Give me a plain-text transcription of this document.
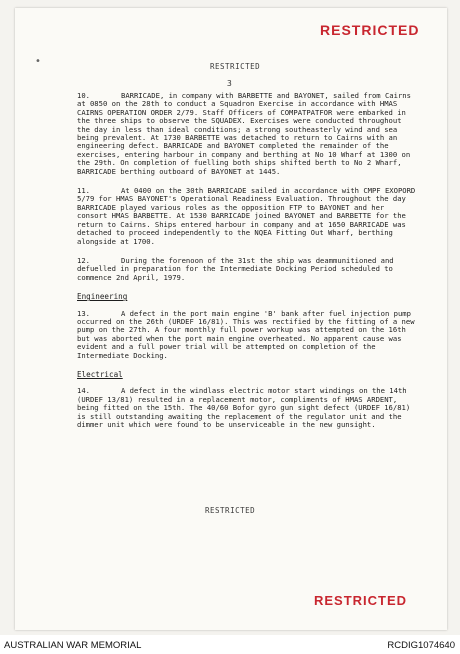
RESTRICTED
•	RESTRICTED
3

10.	BARRICADE, in company with BARBETTE and BAYONET, sailed from Cairns at 0850 on the 28th to conduct a Squadron Exercise in accordance with HMAS CAIRNS OPERATION ORDER 2/79. Staff Officers of COMPATPATFOR were embarked in the three ships to observe the SQUADEX. Exercises were conducted throughout the day in less than ideal conditions; a strong southeasterly wind and sea being prevalent. At 1730 BARBETTE was detached to return to Cairns with an engineering defect. BARRICADE and BAYONET completed the remainder of the exercises, entering harbour in company and berthing at No 10 Wharf at 1300 on the 29th. On completion of fuelling both ships shifted berth to No 2 Wharf, BARRICADE berthing outboard of BAYONET at 1445.

11.	At 0400 on the 30th BARRICADE sailed in accordance with CMPF EXOPORD 5/79 for HMAS BAYONET's Operational Readiness Evaluation. Throughout the day BARRICADE played various roles as the opposition FTP to BAYONET and her consort HMAS BARBETTE. At 1530 BARRICADE joined BAYONET and BARBETTE for the return to Cairns. Ships entered harbour in company and at 1650 BARRICADE was detached to proceed independently to the NQEA Fitting Out Wharf, berthing alongside at 1700.

12.	During the forenoon of the 31st the ship was deammunitioned and defuelled in preparation for the Intermediate Docking Period scheduled to commence 2nd April, 1979.

Engineering

13.	A defect in the port main engine 'B' bank after fuel injection pump occurred on the 26th (URDEF 16/81). This was rectified by the fitting of a new pump on the 27th. A four monthly full power workup was attempted on the 16th but was aborted when the port main engine overheated. No apparent cause was evident and a full power trial will be attempted on completion of the Intermediate Docking.

Electrical

14.	A defect in the windlass electric motor start windings on the 14th (URDEF 13/81) resulted in a replacement motor, compliments of HMAS ARDENT, being fitted on the 15th. The 40/60 Bofor gyro gun sight defect (URDEF 16/81) is still outstanding awaiting the replacement of the regulator unit and the dimmer unit which were found to be unserviceable in the new gunsight.

RESTRICTED
RESTRICTED
AUSTRALIAN WAR MEMORIAL	RCDIG1074640
